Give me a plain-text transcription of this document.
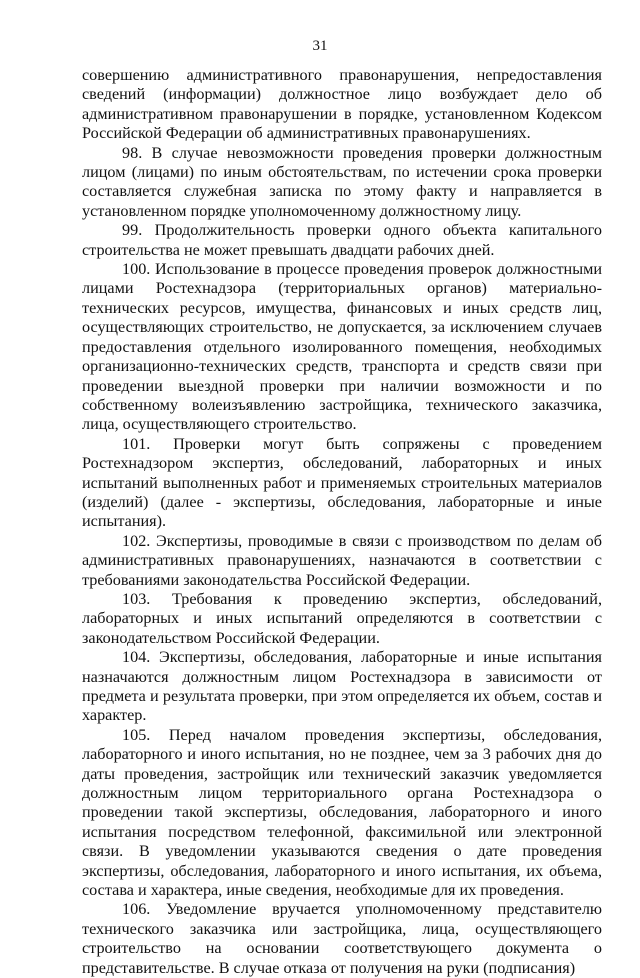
31

совершению административного правонарушения, непредоставления сведений (информации) должностное лицо возбуждает дело об административном правонарушении в порядке, установленном Кодексом Российской Федерации об административных правонарушениях.

98. В случае невозможности проведения проверки должностным лицом (лицами) по иным обстоятельствам, по истечении срока проверки составляется служебная записка по этому факту и направляется в установленном порядке уполномоченному должностному лицу.

99. Продолжительность проверки одного объекта капитального строительства не может превышать двадцати рабочих дней.

100. Использование в процессе проведения проверок должностными лицами Ростехнадзора (территориальных органов) материально-технических ресурсов, имущества, финансовых и иных средств лиц, осуществляющих строительство, не допускается, за исключением случаев предоставления отдельного изолированного помещения, необходимых организационно-технических средств, транспорта и средств связи при проведении выездной проверки при наличии возможности и по собственному волеизъявлению застройщика, технического заказчика, лица, осуществляющего строительство.

101. Проверки могут быть сопряжены с проведением Ростехнадзором экспертиз, обследований, лабораторных и иных испытаний выполненных работ и применяемых строительных материалов (изделий) (далее - экспертизы, обследования, лабораторные и иные испытания).

102. Экспертизы, проводимые в связи с производством по делам об административных правонарушениях, назначаются в соответствии с требованиями законодательства Российской Федерации.

103. Требования к проведению экспертиз, обследований, лабораторных и иных испытаний определяются в соответствии с законодательством Российской Федерации.

104. Экспертизы, обследования, лабораторные и иные испытания назначаются должностным лицом Ростехнадзора в зависимости от предмета и результата проверки, при этом определяется их объем, состав и характер.

105. Перед началом проведения экспертизы, обследования, лабораторного и иного испытания, но не позднее, чем за 3 рабочих дня до даты проведения, застройщик или технический заказчик уведомляется должностным лицом территориального органа Ростехнадзора о проведении такой экспертизы, обследования, лабораторного и иного испытания посредством телефонной, факсимильной или электронной связи. В уведомлении указываются сведения о дате проведения экспертизы, обследования, лабораторного и иного испытания, их объема, состава и характера, иные сведения, необходимые для их проведения.

106. Уведомление вручается уполномоченному представителю технического заказчика или застройщика, лица, осуществляющего строительство на основании соответствующего документа о представительстве. В случае отказа от получения на руки (подписания)
